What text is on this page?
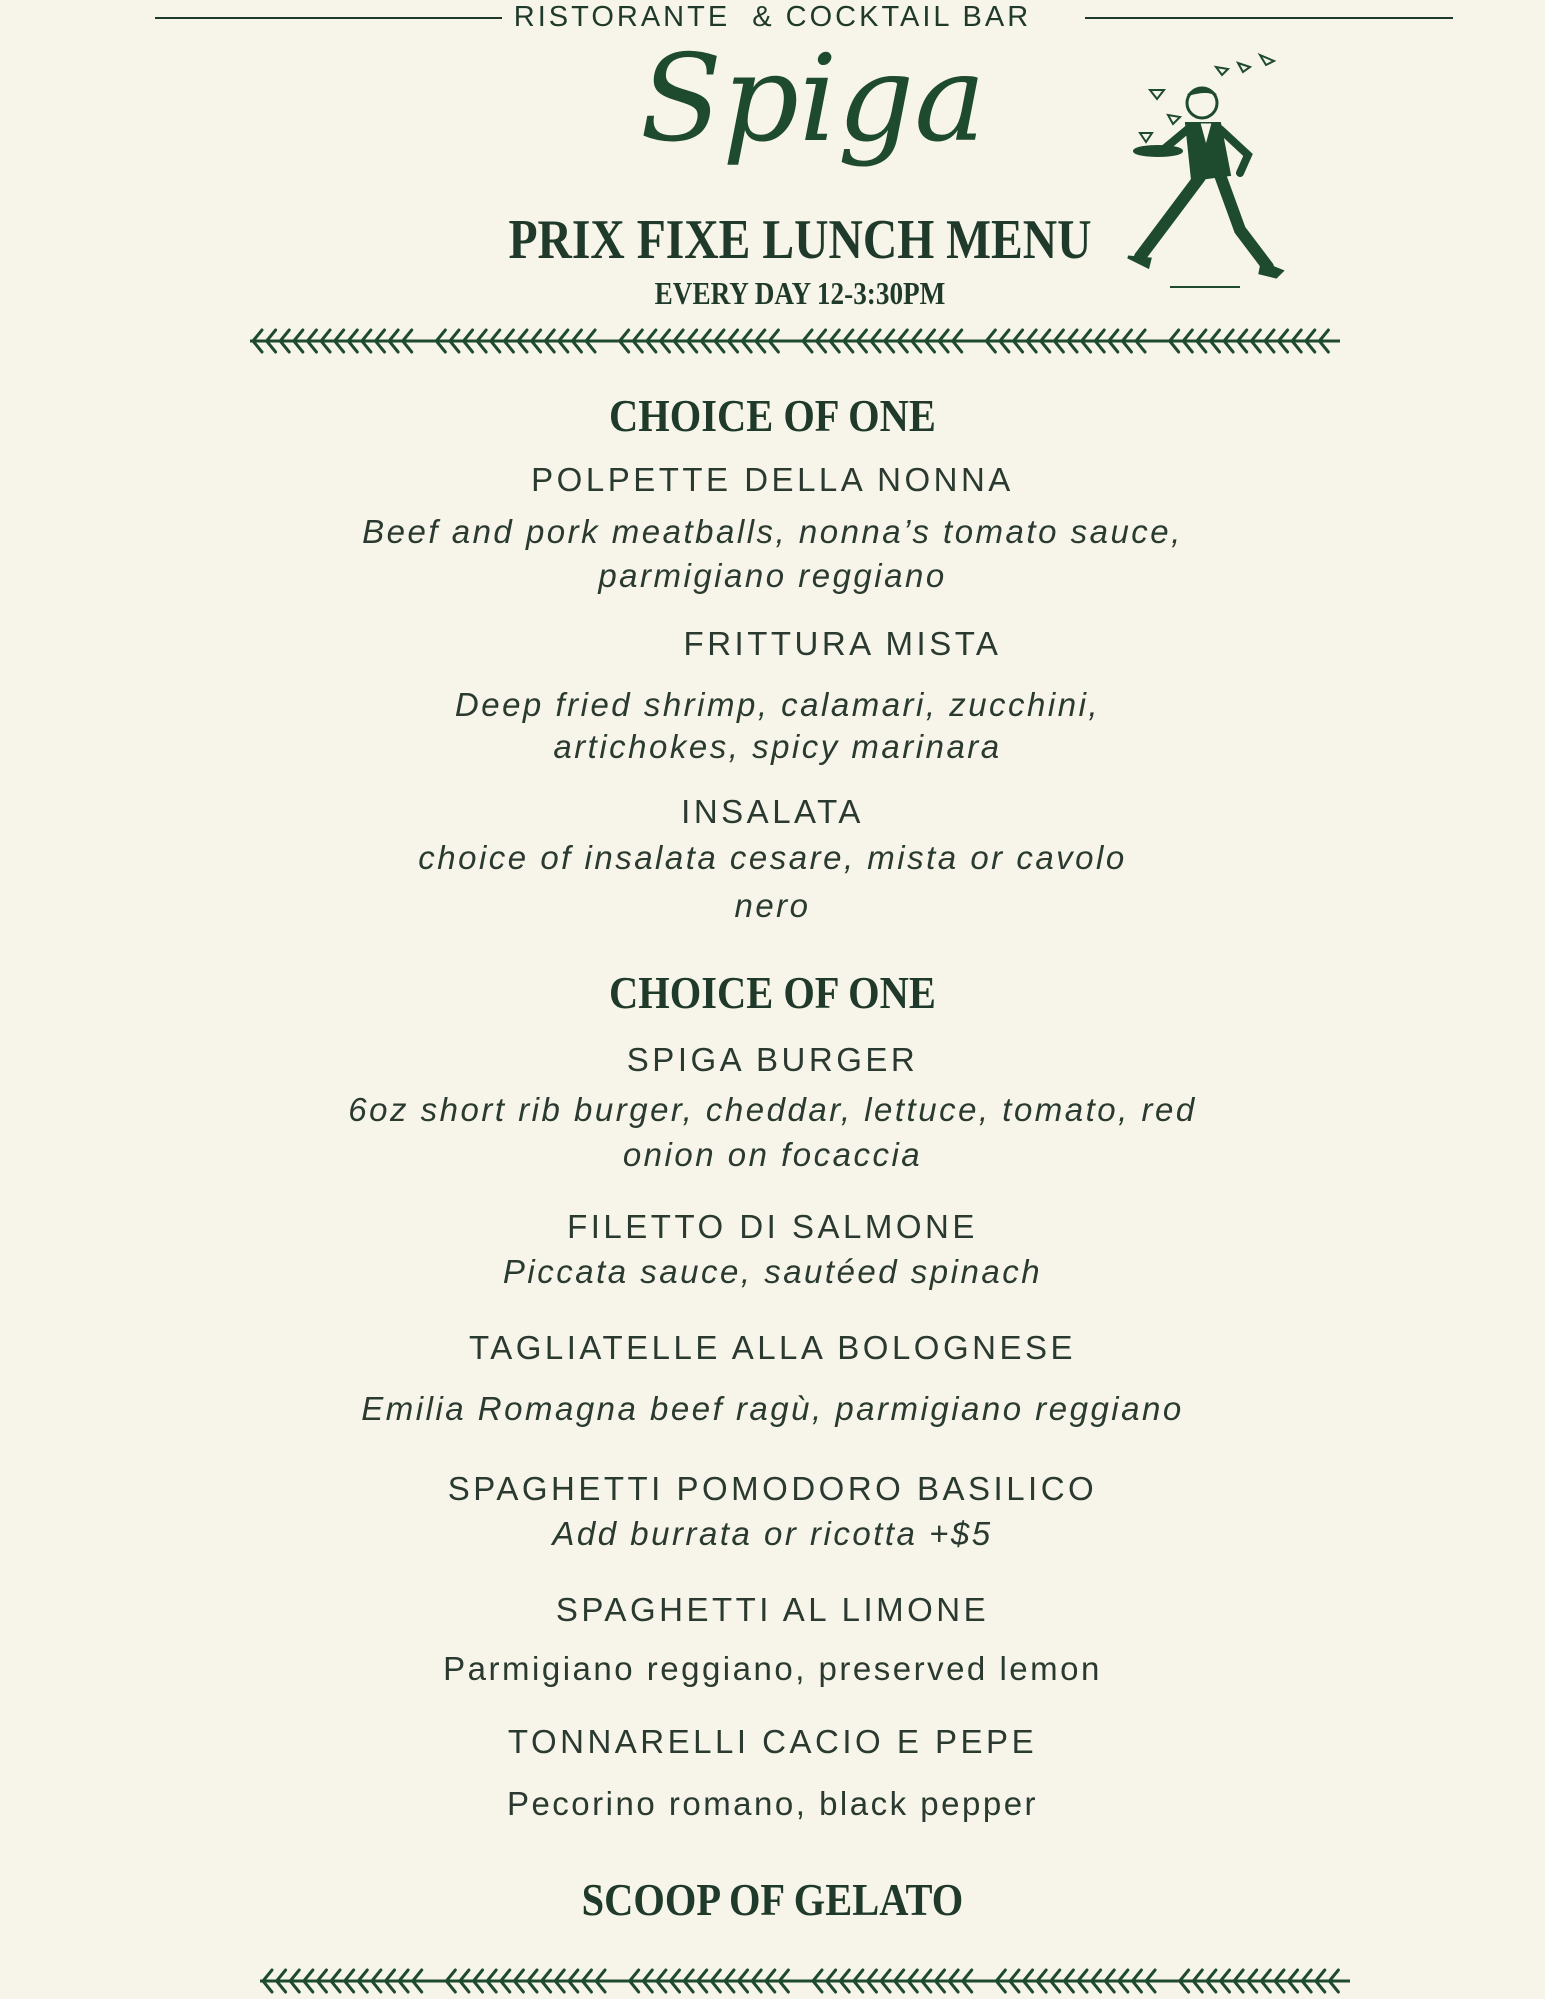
RISTORANTE  & COCKTAIL BAR
Spiga
PRIX FIXE LUNCH MENU
EVERY DAY 12-3:30PM
CHOICE OF ONE
POLPETTE DELLA NONNA
Beef and pork meatballs, nonna’s tomato sauce,
parmigiano reggiano
FRITTURA MISTA
Deep fried shrimp, calamari, zucchini,
artichokes, spicy marinara
INSALATA
choice of insalata cesare, mista or cavolo
nero
CHOICE OF ONE
SPIGA BURGER
6oz short rib burger, cheddar, lettuce, tomato, red
onion on focaccia
FILETTO DI SALMONE
Piccata sauce, sautéed spinach
TAGLIATELLE ALLA BOLOGNESE
Emilia Romagna beef ragù, parmigiano reggiano
SPAGHETTI POMODORO BASILICO
Add burrata or ricotta +$5
SPAGHETTI AL LIMONE
Parmigiano reggiano, preserved lemon
TONNARELLI CACIO E PEPE
Pecorino romano, black pepper
SCOOP OF GELATO
